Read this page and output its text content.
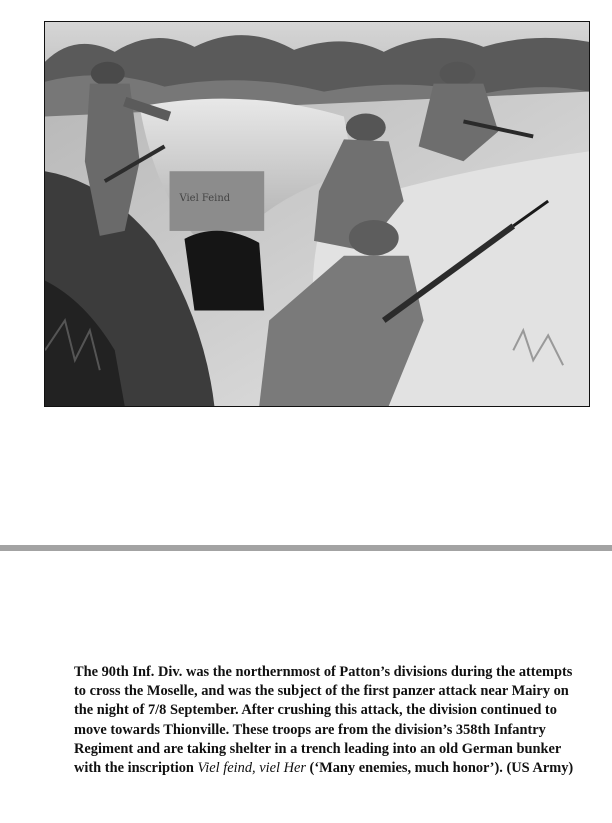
Viel Feind

The 90th Inf. Div. was the northernmost of Patton’s divisions during the attempts to cross the Moselle, and was the subject of the first panzer attack near Mairy on the night of 7/8 September. After crushing this attack, the division continued to move towards Thionville. These troops are from the division’s 358th Infantry Regiment and are taking shelter in a trench leading into an old German bunker with the inscription Viel feind, viel Her (‘Many enemies, much honor’). (US Army)
